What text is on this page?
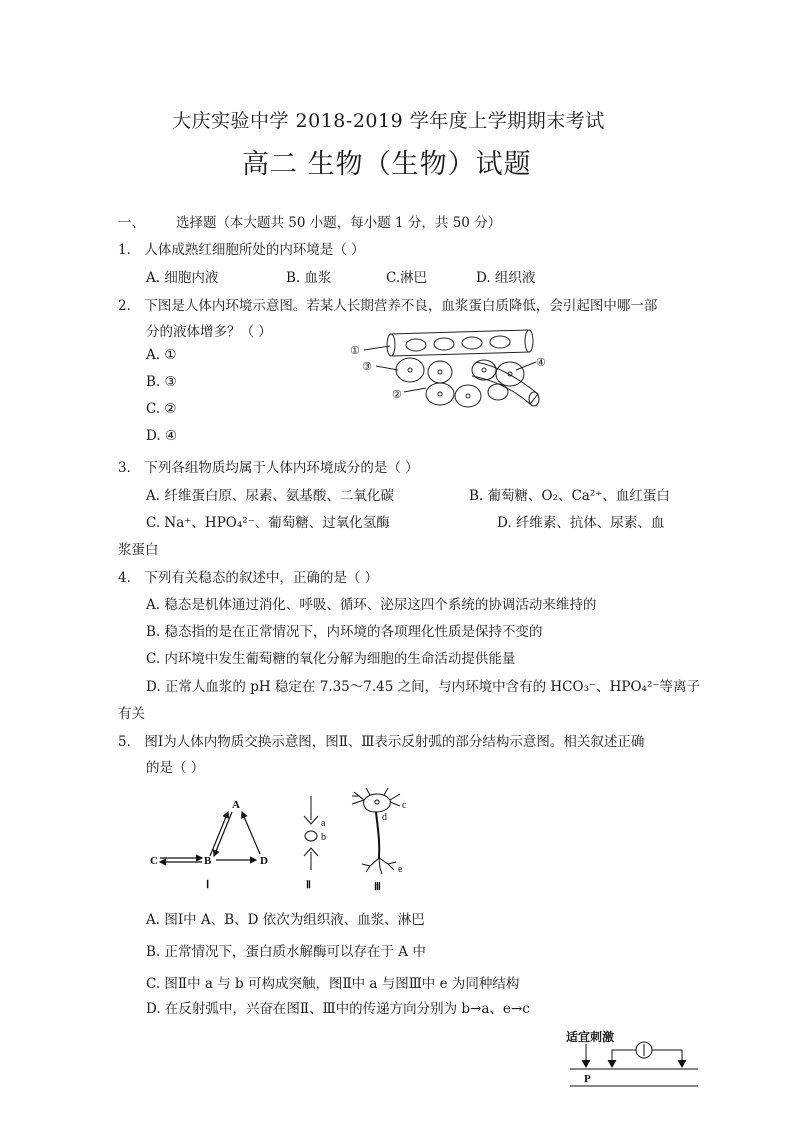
大庆实验中学 2018-2019 学年度上学期期末考试
高二 生物（生物）试题
一、 选择题（本大题共 50 小题，每小题 1 分，共 50 分）
1． 人体成熟红细胞所处的内环境是（ ）
A. 细胞内液	B. 血浆	C.淋巴	D. 组织液
2． 下图是人体内环境示意图。若某人长期营养不良，血浆蛋白质降低，会引起图中哪一部
分的液体增多？（ ）
A. ①
B. ③
C. ②
D. ④
①
③
②
④
3． 下列各组物质均属于人体内环境成分的是（ ）
A. 纤维蛋白原、尿素、氨基酸、二氧化碳	B. 葡萄糖、O₂、Ca²⁺、血红蛋白
C. Na⁺、HPO₄²⁻、葡萄糖、过氧化氢酶	D. 纤维素、抗体、尿素、血
浆蛋白
4． 下列有关稳态的叙述中，正确的是（ ）
A. 稳态是机体通过消化、呼吸、循环、泌尿这四个系统的协调活动来维持的
B. 稳态指的是在正常情况下，内环境的各项理化性质是保持不变的
C. 内环境中发生葡萄糖的氧化分解为细胞的生命活动提供能量
D. 正常人血浆的 pH 稳定在 7.35～7.45 之间，与内环境中含有的 HCO₃⁻、HPO₄²⁻等离子
有关
5． 图Ⅰ为人体内物质交换示意图，图Ⅱ、Ⅲ表示反射弧的部分结构示意图。相关叙述正确
的是（ ）
A
B
C	D
Ⅰ
a
b
Ⅱ
c
d
e
Ⅲ
A. 图Ⅰ中 A、B、D 依次为组织液、血浆、淋巴
B. 正常情况下，蛋白质水解酶可以存在于 A 中
C. 图Ⅱ中 a 与 b 可构成突触，图Ⅱ中 a 与图Ⅲ中 e 为同种结构
D. 在反射弧中，兴奋在图Ⅱ、Ⅲ中的传递方向分别为 b→a、e→c
适宜刺激
P
